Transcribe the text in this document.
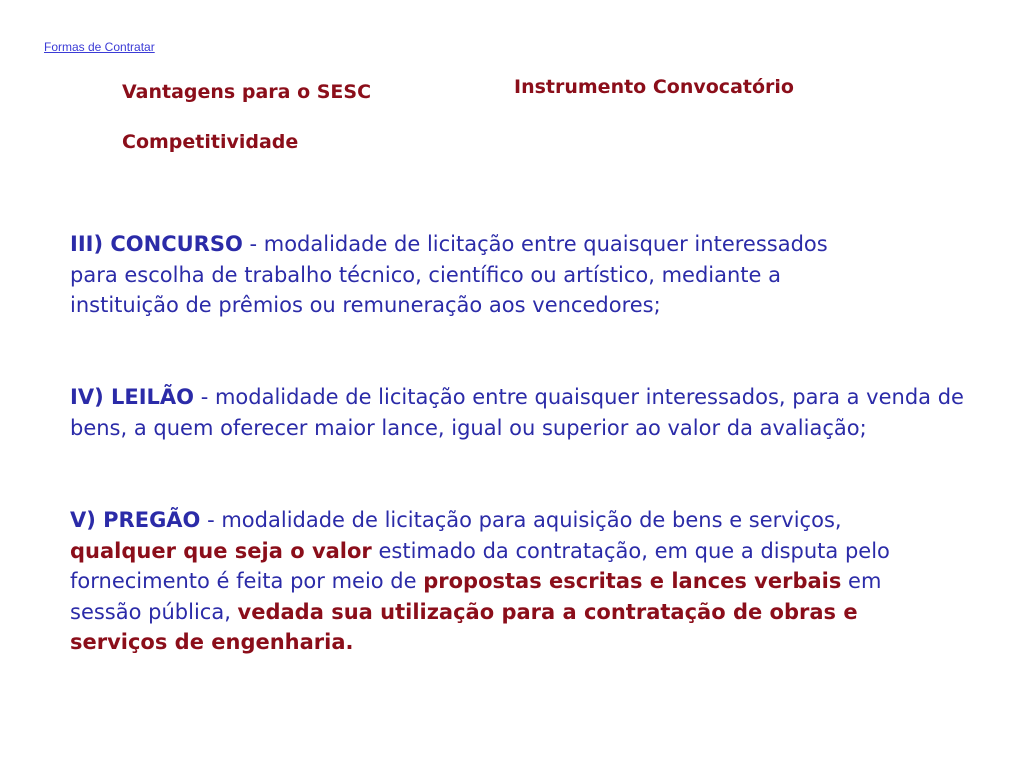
Formas de Contratar
Vantagens para o SESC	Instrumento Convocatório
Competitividade

III) CONCURSO - modalidade de licitação entre quaisquer interessados para escolha de trabalho técnico, científico ou artístico, mediante a instituição de prêmios ou remuneração aos vencedores;

IV) LEILÃO - modalidade de licitação entre quaisquer interessados, para a venda de bens, a quem oferecer maior lance, igual ou superior ao valor da avaliação;

V) PREGÃO - modalidade de licitação para aquisição de bens e serviços, qualquer que seja o valor estimado da contratação, em que a disputa pelo fornecimento é feita por meio de propostas escritas e lances verbais em sessão pública, vedada sua utilização para a contratação de obras e serviços de engenharia.
